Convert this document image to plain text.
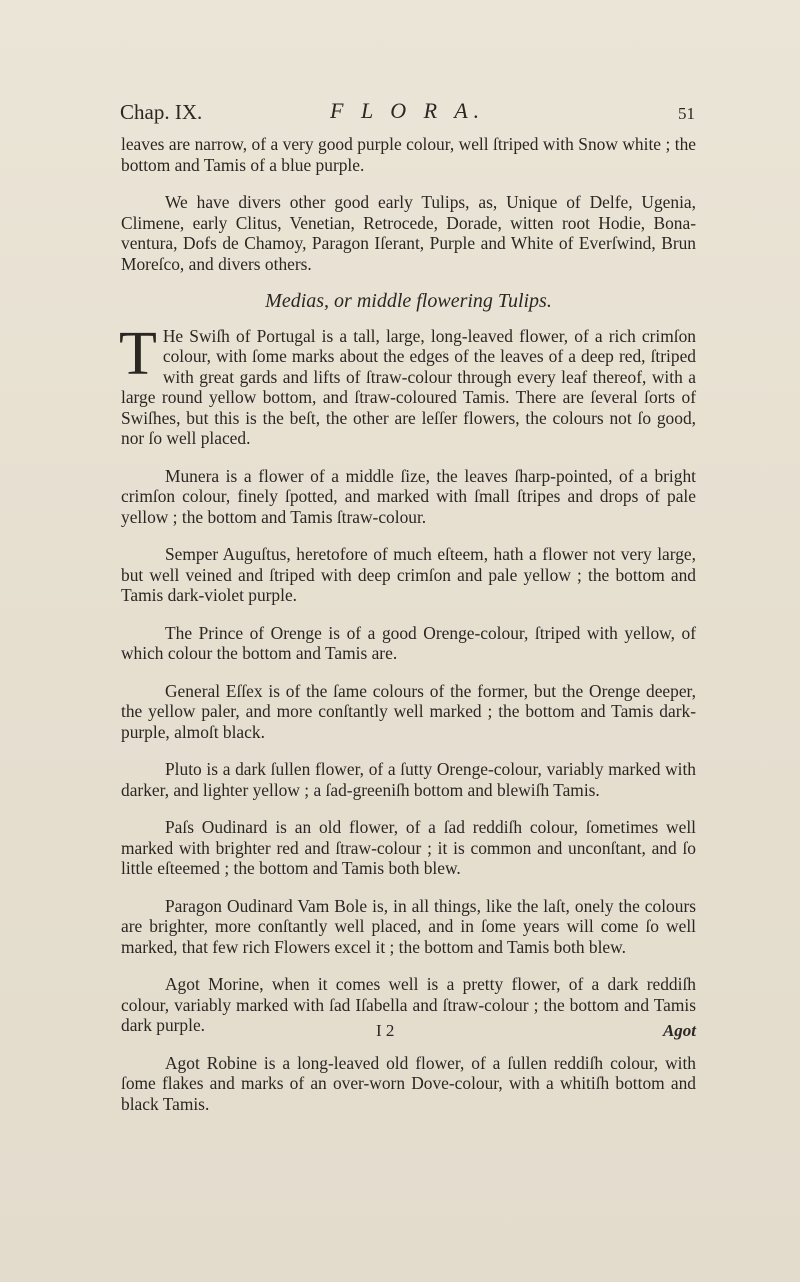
Chap. IX.	F L O R A.	51

leaves are narrow, of a very good purple colour, well ſtriped with Snow white ; the bottom and Tamis of a blue purple.

We have divers other good early Tulips, as, Unique of Delfe, Ugenia, Climene, early Clitus, Venetian, Retrocede, Dorade, witten root Hodie, Bona-ventura, Dofs de Chamoy, Paragon Iſerant, Purple and White of Everſwind, Brun Moreſco, and divers others.

Medias, or middle flowering Tulips.

T He Swiſh of Portugal is a tall, large, long-leaved flower, of a rich crimſon colour, with ſome marks about the edges of the leaves of a deep red, ſtriped with great gards and lifts of ſtraw-colour through every leaf thereof, with a large round yellow bottom, and ſtraw-coloured Tamis. There are ſeveral ſorts of Swiſhes, but this is the beſt, the other are leſſer flowers, the colours not ſo good, nor ſo well placed.

Munera is a flower of a middle ſize, the leaves ſharp-pointed, of a bright crimſon colour, finely ſpotted, and marked with ſmall ſtripes and drops of pale yellow ; the bottom and Tamis ſtraw-colour.

Semper Auguſtus, heretofore of much eſteem, hath a flower not very large, but well veined and ſtriped with deep crimſon and pale yellow ; the bottom and Tamis dark-violet purple.

The Prince of Orenge is of a good Orenge-colour, ſtriped with yellow, of which colour the bottom and Tamis are.

General Eſſex is of the ſame colours of the former, but the Orenge deeper, the yellow paler, and more conſtantly well marked ; the bottom and Tamis dark-purple, almoſt black.

Pluto is a dark ſullen flower, of a ſutty Orenge-colour, variably marked with darker, and lighter yellow ; a ſad-greeniſh bottom and blewiſh Tamis.

Paſs Oudinard is an old flower, of a ſad reddiſh colour, ſometimes well marked with brighter red and ſtraw-colour ; it is common and unconſtant, and ſo little eſteemed ; the bottom and Tamis both blew.

Paragon Oudinard Vam Bole is, in all things, like the laſt, onely the colours are brighter, more conſtantly well placed, and in ſome years will come ſo well marked, that few rich Flowers excel it ; the bottom and Tamis both blew.

Agot Morine, when it comes well is a pretty flower, of a dark reddiſh colour, variably marked with ſad Iſabella and ſtraw-colour ; the bottom and Tamis dark purple.

Agot Robine is a long-leaved old flower, of a ſullen reddiſh colour, with ſome flakes and marks of an over-worn Dove-colour, with a whitiſh bottom and black Tamis.

I 2	Agot
